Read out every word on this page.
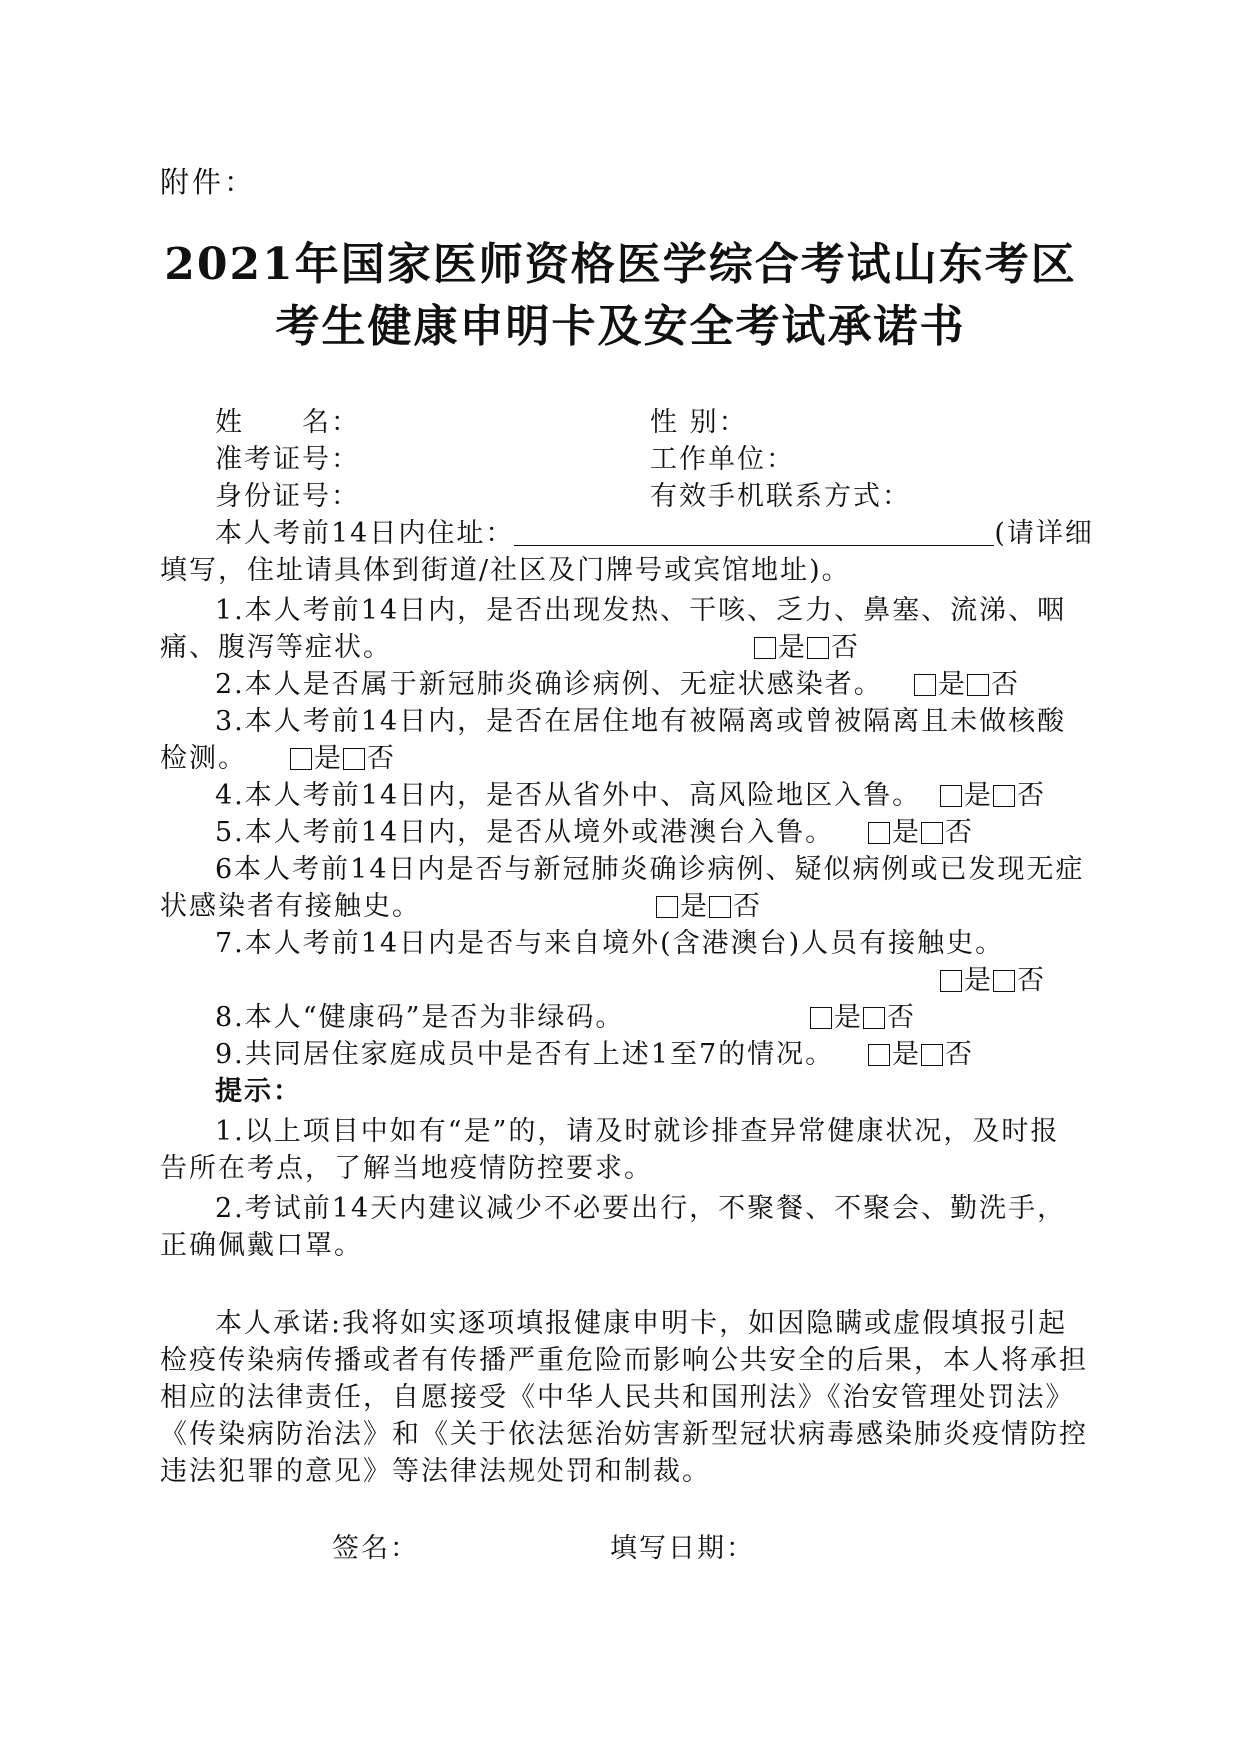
附件：
2021年国家医师资格医学综合考试山东考区
考生健康申明卡及安全考试承诺书
姓　　名：	性 别：
准考证号：	工作单位：
身份证号：	有效手机联系方式：
本人考前14日内住址：	(请详细
填写，住址请具体到街道/社区及门牌号或宾馆地址)。
1.本人考前14日内，是否出现发热、干咳、乏力、鼻塞、流涕、咽
痛、腹泻等症状。	是 否
2.本人是否属于新冠肺炎确诊病例、无症状感染者。	是 否
3.本人考前14日内，是否在居住地有被隔离或曾被隔离且未做核酸
检测。	是 否
4.本人考前14日内，是否从省外中、高风险地区入鲁。	是 否
5.本人考前14日内，是否从境外或港澳台入鲁。	是 否
6本人考前14日内是否与新冠肺炎确诊病例、疑似病例或已发现无症
状感染者有接触史。	是 否
7.本人考前14日内是否与来自境外(含港澳台)人员有接触史。
是 否
8.本人“健康码”是否为非绿码。	是 否
9.共同居住家庭成员中是否有上述1至7的情况。	是 否
提示：
1.以上项目中如有“是”的，请及时就诊排查异常健康状况，及时报
告所在考点，了解当地疫情防控要求。
2.考试前14天内建议减少不必要出行，不聚餐、不聚会、勤洗手，
正确佩戴口罩。
本人承诺:我将如实逐项填报健康申明卡，如因隐瞒或虚假填报引起
检疫传染病传播或者有传播严重危险而影响公共安全的后果，本人将承担
相应的法律责任，自愿接受《中华人民共和国刑法》《治安管理处罚法》
《传染病防治法》和《关于依法惩治妨害新型冠状病毒感染肺炎疫情防控
违法犯罪的意见》等法律法规处罚和制裁。
签名：	填写日期：
